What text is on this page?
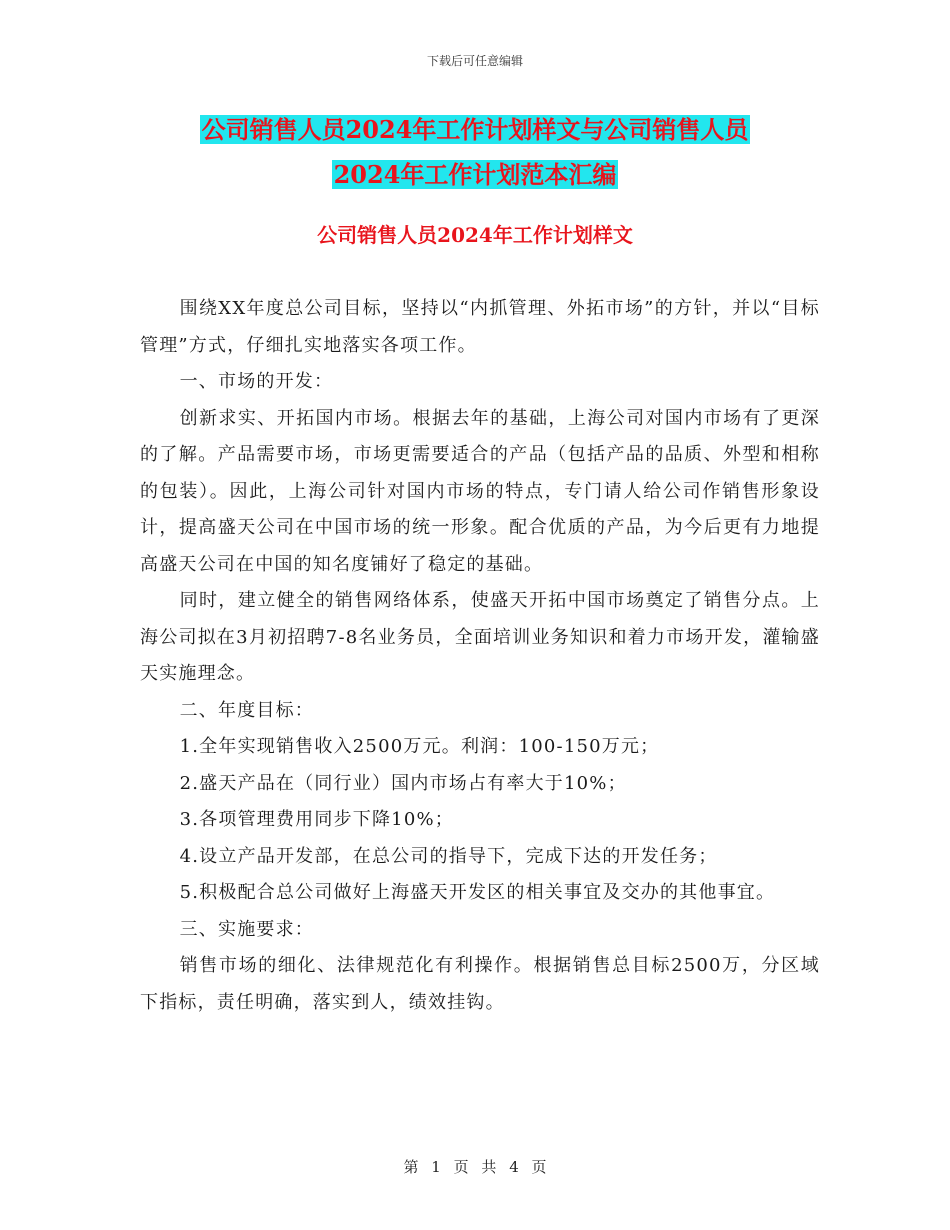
下载后可任意编辑
公司销售人员2024年工作计划样文与公司销售人员
2024年工作计划范本汇编
公司销售人员2024年工作计划样文

围绕XX年度总公司目标，坚持以“内抓管理、外拓市场”的方针，并以“目标管理”方式，仔细扎实地落实各项工作。

一、市场的开发：

创新求实、开拓国内市场。根据去年的基础，上海公司对国内市场有了更深的了解。产品需要市场，市场更需要适合的产品（包括产品的品质、外型和相称的包装）。因此，上海公司针对国内市场的特点，专门请人给公司作销售形象设计，提高盛天公司在中国市场的统一形象。配合优质的产品，为今后更有力地提高盛天公司在中国的知名度铺好了稳定的基础。

同时，建立健全的销售网络体系，使盛天开拓中国市场奠定了销售分点。上海公司拟在3月初招聘7-8名业务员，全面培训业务知识和着力市场开发，灌输盛天实施理念。

二、年度目标：

1.全年实现销售收入2500万元。利润：100-150万元；

2.盛天产品在（同行业）国内市场占有率大于10%；

3.各项管理费用同步下降10%；

4.设立产品开发部，在总公司的指导下，完成下达的开发任务；

5.积极配合总公司做好上海盛天开发区的相关事宜及交办的其他事宜。

三、实施要求：

销售市场的细化、法律规范化有利操作。根据销售总目标2500万，分区域下指标，责任明确，落实到人，绩效挂钩。

第 1 页 共 4 页
